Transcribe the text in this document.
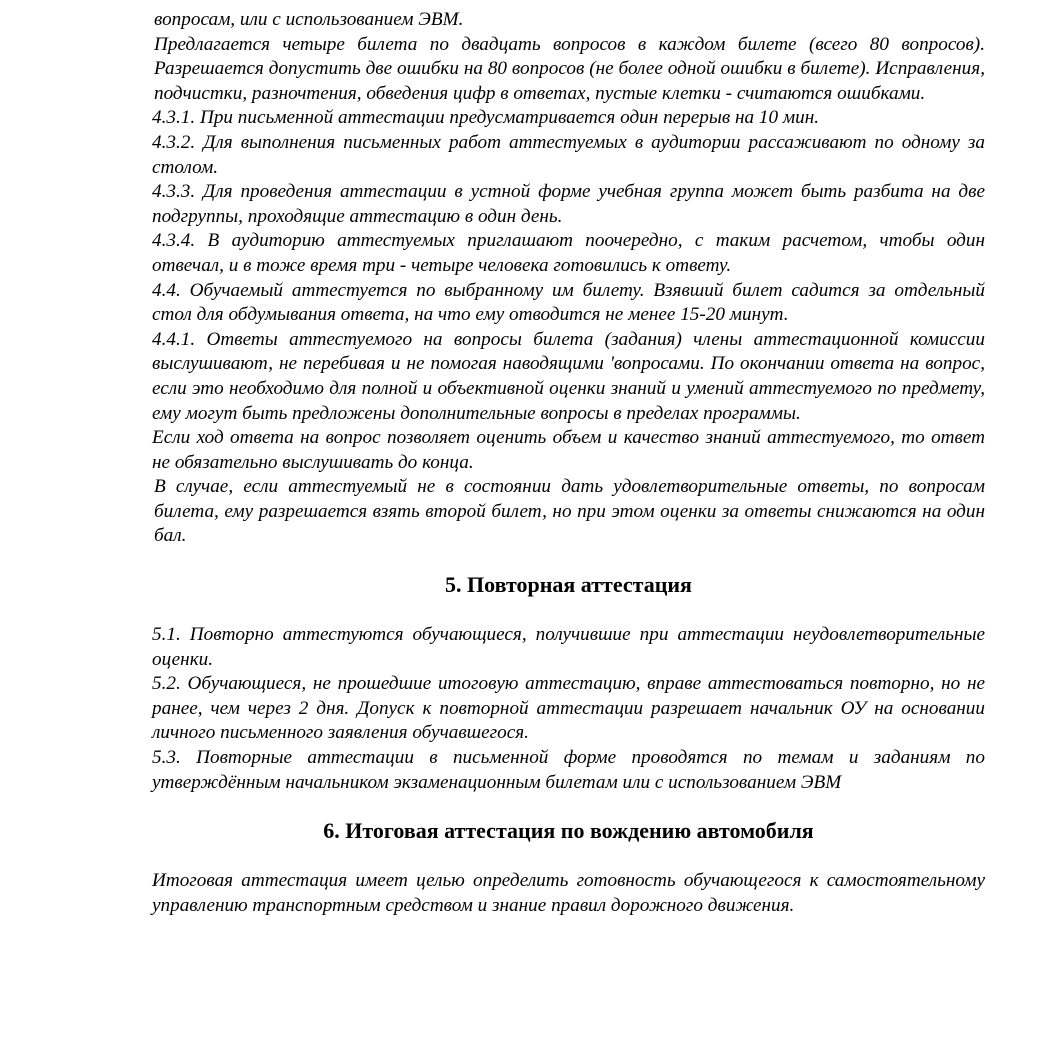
вопросам, или с использованием ЭВМ.

Предлагается четыре билета по двадцать вопросов в каждом билете (всего 80 вопросов). Разрешается допустить две ошибки на 80 вопросов (не более одной ошибки в билете). Исправления, подчистки, разночтения, обведения цифр в ответах, пустые клетки - считаются ошибками.

4.3.1. При письменной аттестации предусматривается один перерыв на 10 мин.

4.3.2. Для выполнения письменных работ аттестуемых в аудитории рассаживают по одному за столом.

4.3.3. Для проведения аттестации в устной форме учебная группа может быть разбита на две подгруппы, проходящие аттестацию в один день.

4.3.4. В аудиторию аттестуемых приглашают поочередно, с таким расчетом, чтобы один отвечал, и в тоже время три - четыре человека готовились к ответу.

4.4. Обучаемый аттестуется по выбранному им билету. Взявший билет садится за отдельный стол для обдумывания ответа, на что ему отводится не менее 15-20 минут.

4.4.1. Ответы аттестуемого на вопросы билета (задания) члены аттестационной комиссии выслушивают, не перебивая и не помогая наводящими 'вопросами. По окончании ответа на вопрос, если это необходимо для полной и объективной оценки знаний и умений аттестуемого по предмету, ему могут быть предложены дополнительные вопросы в пределах программы.

Если ход ответа на вопрос позволяет оценить объем и качество знаний аттестуемого, то ответ не обязательно выслушивать до конца.

В случае, если аттестуемый не в состоянии дать удовлетворительные ответы, по вопросам билета, ему разрешается взять второй билет, но при этом оценки за ответы снижаются на один бал.

5. Повторная аттестация

5.1. Повторно аттестуются обучающиеся, получившие при аттестации неудовлетворительные оценки.

5.2. Обучающиеся, не прошедшие итоговую аттестацию, вправе аттестоваться повторно, но не ранее, чем через 2 дня. Допуск к повторной аттестации разрешает начальник ОУ на основании личного письменного заявления обучавшегося.

5.3. Повторные аттестации в письменной форме проводятся по темам и заданиям по утверждённым начальником экзаменационным билетам или с использованием ЭВМ

6. Итоговая аттестация по вождению автомобиля

Итоговая аттестация имеет целью определить готовность обучающегося к самостоятельному управлению транспортным средством и знание правил дорожного движения.
